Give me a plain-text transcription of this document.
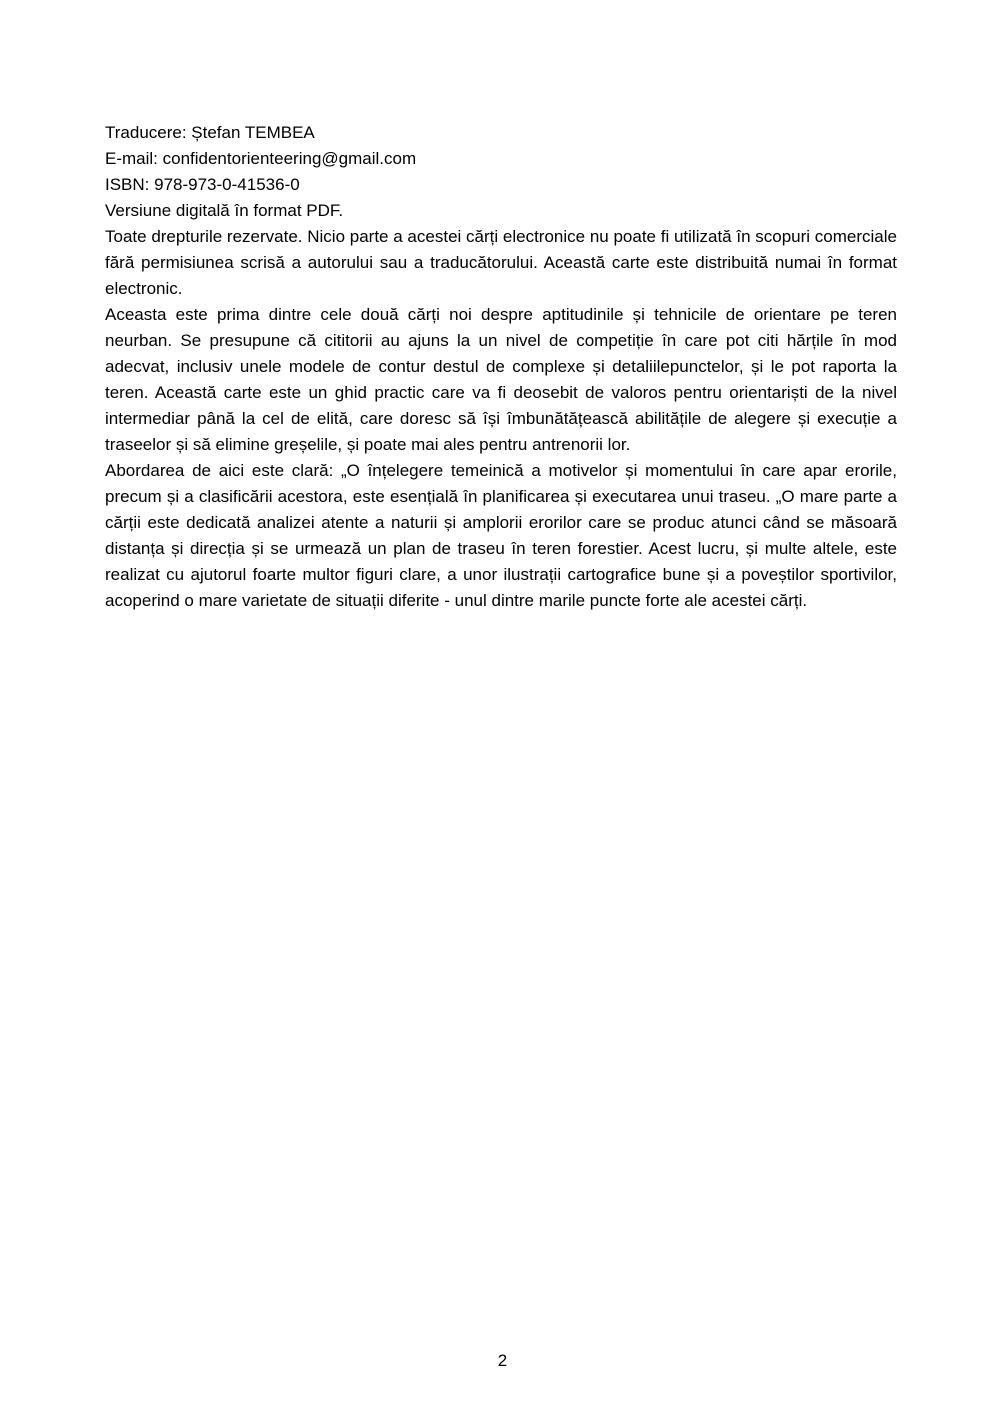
Traducere: Ștefan TEMBEA

E-mail: confidentorienteering@gmail.com

ISBN: 978-973-0-41536-0

Versiune digitală în format PDF.

Toate drepturile rezervate. Nicio parte a acestei cărți electronice nu poate fi utilizată în scopuri comerciale fără permisiunea scrisă a autorului sau a traducătorului. Această carte este distribuită numai în format electronic.

Aceasta este prima dintre cele două cărți noi despre aptitudinile și tehnicile de orientare pe teren neurban. Se presupune că cititorii au ajuns la un nivel de competiție în care pot citi hărțile în mod adecvat, inclusiv unele modele de contur destul de complexe și detaliilepunctelor, și le pot raporta la teren. Această carte este un ghid practic care va fi deosebit de valoros pentru orientariști de la nivel intermediar până la cel de elită, care doresc să își îmbunătățească abilitățile de alegere și execuție a traseelor și să elimine greșelile, și poate mai ales pentru antrenorii lor.

Abordarea de aici este clară: „O înțelegere temeinică a motivelor și momentului în care apar erorile, precum și a clasificării acestora, este esențială în planificarea și executarea unui traseu. „O mare parte a cărții este dedicată analizei atente a naturii și amplorii erorilor care se produc atunci când se măsoară distanța și direcția și se urmează un plan de traseu în teren forestier. Acest lucru, și multe altele, este realizat cu ajutorul foarte multor figuri clare, a unor ilustrații cartografice bune și a poveștilor sportivilor, acoperind o mare varietate de situații diferite - unul dintre marile puncte forte ale acestei cărți.

2
